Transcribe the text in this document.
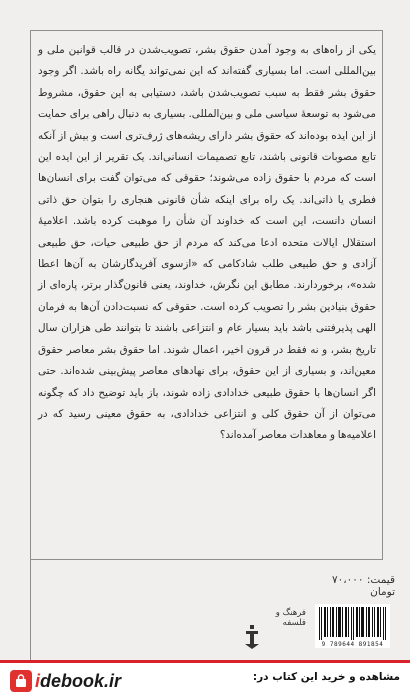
یکی از راه‌های به وجود آمدن حقوق بشر، تصویب‌شدن در قالب قوانین ملی و بین‌المللی است. اما بسیاری گفته‌اند که این نمی‌تواند یگانه راه باشد. اگر وجود حقوق بشر فقط به سبب تصویب‌شدن باشد، دستیابی به این حقوق، مشروط می‌شود به توسعهٔ سیاسی ملی و بین‌المللی. بسیاری به دنبال راهی برای حمایت از این ایده بوده‌اند که حقوق بشر دارای ریشه‌های ژرف‌تری است و بیش از آنکه تابع مصوبات قانونی باشند، تابع تصمیمات انسانی‌اند. یک تقریر از این ایده این است که مردم با حقوق زاده می‌شوند؛ حقوقی که می‌توان گفت برای انسان‌ها فطری یا ذاتی‌اند. یک راه برای اینکه شأن قانونی هنجاری را بتوان حق ذاتی انسان دانست، این است که خداوند آن شأن را موهبت کرده باشد. اعلامیهٔ استقلال ایالات متحده ادعا می‌کند که مردم از حق طبیعی حیات، حق طبیعی آزادی و حق طبیعی طلب شادکامی که «ازسوی آفریدگارشان به آن‌ها اعطا شده»، برخوردارند. مطابق این نگرش، خداوند، یعنی قانون‌گذار برتر، پاره‌ای از حقوق بنیادین بشر را تصویب کرده است. حقوقی که نسبت‌دادن آن‌ها به فرمان الهی پذیرفتنی باشد باید بسیار عام و انتزاعی باشند تا بتوانند طی هزاران سال تاریخ بشر، و نه فقط در قرون اخیر، اعمال شوند. اما حقوق بشر معاصر حقوق معین‌اند، و بسیاری از این حقوق، برای نهادهای معاصر پیش‌بینی شده‌اند. حتی اگر انسان‌ها با حقوق طبیعی خدادادی زاده شوند، باز باید توضیح داد که چگونه می‌توان از آن حقوق کلی و انتزاعی خدادادی، به حقوق معینی رسید که در اعلامیه‌ها و معاهدات معاصر آمده‌اند؟
قیمت: ۷۰،۰۰۰ تومان
فرهنگ و فلسفه
9 789644 891854
idebook.ir	مشاهده و خرید این کتاب در:
